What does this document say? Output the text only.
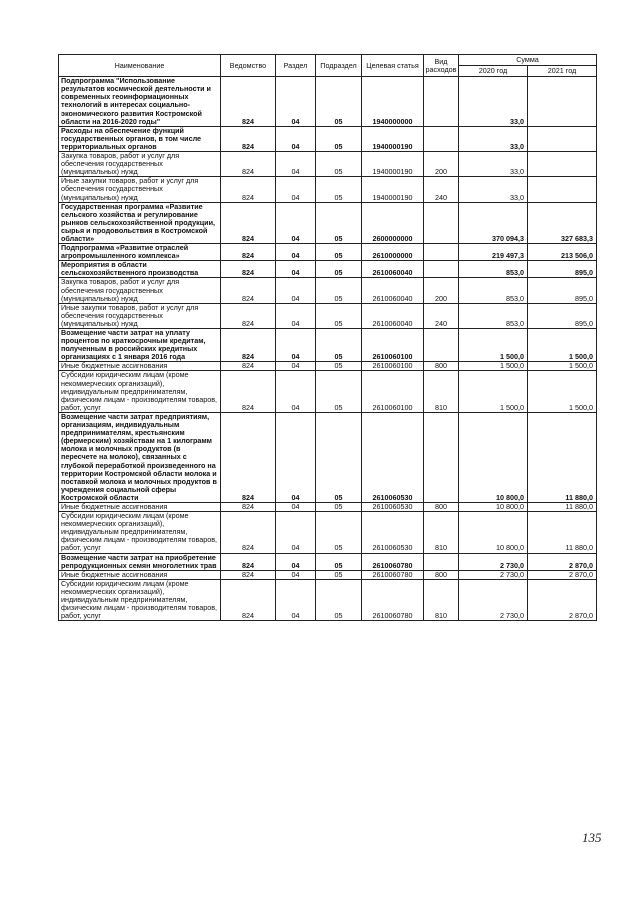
Наименование	Ведомство	Раздел	Подраздел	Целевая статья	Вид расходов	Сумма	
						2020 год	2021 год
Подпрограмма "Использование результатов космической деятельности и современных геоинформационных технологий в интересах социально-экономического развития Костромской области на 2016-2020 годы"	824	04	05	1940000000		33,0	
Расходы на обеспечение функций государственных органов, в том числе территориальных органов	824	04	05	1940000190		33,0	
Закупка товаров, работ и услуг для обеспечения государственных (муниципальных) нужд	824	04	05	1940000190	200	33,0	
Иные закупки товаров, работ и услуг для обеспечения государственных (муниципальных) нужд	824	04	05	1940000190	240	33,0	
Государственная программа «Развитие сельского хозяйства и регулирование рынков сельскохозяйственной продукции, сырья и продовольствия в Костромской области»	824	04	05	2600000000		370 094,3	327 683,3
Подпрограмма «Развитие отраслей агропромышленного комплекса»	824	04	05	2610000000		219 497,3	213 506,0
Мероприятия в области сельскохозяйственного производства	824	04	05	2610060040		853,0	895,0
Закупка товаров, работ и услуг для обеспечения государственных (муниципальных) нужд	824	04	05	2610060040	200	853,0	895,0
Иные закупки товаров, работ и услуг для обеспечения государственных (муниципальных) нужд	824	04	05	2610060040	240	853,0	895,0
Возмещение части затрат на уплату процентов по краткосрочным кредитам, полученным в российских кредитных организациях с 1 января 2016 года	824	04	05	2610060100		1 500,0	1 500,0
Иные бюджетные ассигнования	824	04	05	2610060100	800	1 500,0	1 500,0
Субсидии юридическим лицам (кроме некоммерческих организаций), индивидуальным предпринимателям, физическим лицам - производителям товаров, работ, услуг	824	04	05	2610060100	810	1 500,0	1 500,0
Возмещение части затрат предприятиям, организациям, индивидуальным предпринимателям, крестьянским (фермерским) хозяйствам на 1 килограмм молока и молочных продуктов (в пересчете на молоко), связанных с глубокой переработкой произведенного на территории Костромской области молока и поставкой молока и молочных продуктов в учреждения социальной сферы Костромской области	824	04	05	2610060530		10 800,0	11 880,0
Иные бюджетные ассигнования	824	04	05	2610060530	800	10 800,0	11 880,0
Субсидии юридическим лицам (кроме некоммерческих организаций), индивидуальным предпринимателям, физическим лицам - производителям товаров, работ, услуг	824	04	05	2610060530	810	10 800,0	11 880,0
Возмещение части затрат на приобретение репродукционных семян многолетних трав	824	04	05	2610060780		2 730,0	2 870,0
Иные бюджетные ассигнования	824	04	05	2610060780	800	2 730,0	2 870,0
Субсидии юридическим лицам (кроме некоммерческих организаций), индивидуальным предпринимателям, физическим лицам - производителям товаров, работ, услуг	824	04	05	2610060780	810	2 730,0	2 870,0
135
